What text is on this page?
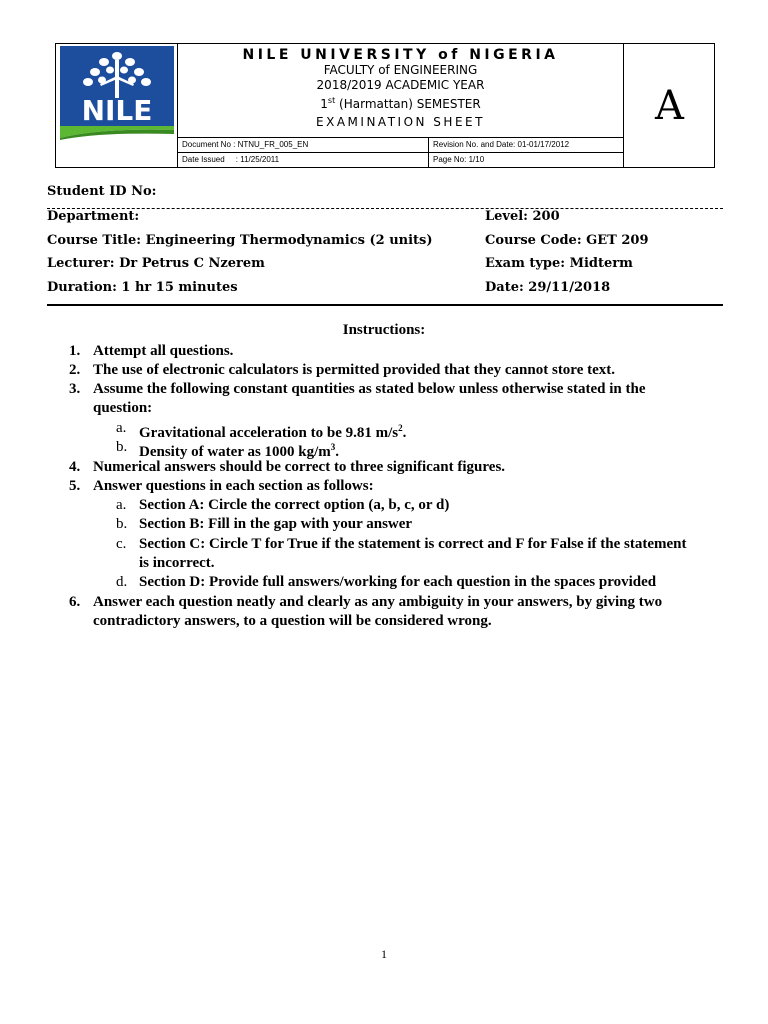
NILE
NILE UNIVERSITY of NIGERIA
FACULTY of ENGINEERING
2018/2019 ACADEMIC YEAR
1st (Harmattan) SEMESTER
EXAMINATION SHEET
Document No : NTNU_FR_005_EN	Revision No. and Date: 01-01/17/2012
Date Issued     : 11/25/2011	Page No: 1/10
A
Student ID No:
Department:	Level: 200
Course Title: Engineering Thermodynamics (2 units)	Course Code: GET 209
Lecturer: Dr Petrus C Nzerem	Exam type: Midterm
Duration: 1 hr 15 minutes	Date: 29/11/2018
Instructions:
1. Attempt all questions.
2. The use of electronic calculators is permitted provided that they cannot store text.
3. Assume the following constant quantities as stated below unless otherwise stated in the
question:
a. Gravitational acceleration to be 9.81 $m/s^2$.
b. Density of water as 1000 $kg/m^3$.
4. Numerical answers should be correct to three significant figures.
5. Answer questions in each section as follows:
a. Section A: Circle the correct option (a, b, c, or d)
b. Section B: Fill in the gap with your answer
c. Section C: Circle T for True if the statement is correct and F for False if the statement
is incorrect.
d. Section D: Provide full answers/working for each question in the spaces provided
6. Answer each question neatly and clearly as any ambiguity in your answers, by giving two
contradictory answers, to a question will be considered wrong.
1
